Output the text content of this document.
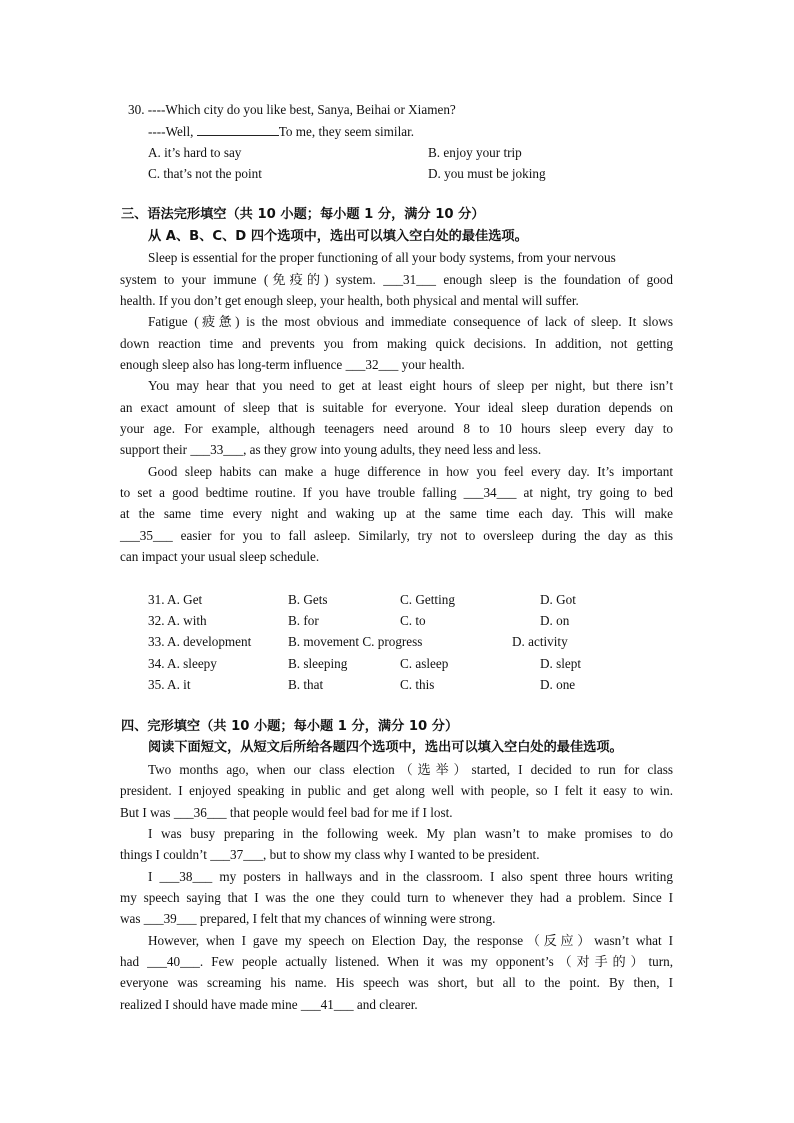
30. ----Which city do you like best, Sanya, Beihai or Xiamen?
----Well,	To me, they seem similar.
A. it’s hard to say	B. enjoy your trip
C. that’s not the point	D. you must be joking
三、语法完形填空（共 10 小题；每小题 1 分，满分 10 分）
从 A、B、C、D 四个选项中，选出可以填入空白处的最佳选项。
Sleep is essential for the proper functioning of all your body systems, from your nervous
system to your immune (免疫的) system. ___31___ enough sleep is the foundation of good
health. If you don’t get enough sleep, your health, both physical and mental will suffer.
Fatigue (疲惫) is the most obvious and immediate consequence of lack of sleep. It slows
down reaction time and prevents you from making quick decisions. In addition, not getting
enough sleep also has long-term influence ___32___ your health.
You may hear that you need to get at least eight hours of sleep per night, but there isn’t
an exact amount of sleep that is suitable for everyone. Your ideal sleep duration depends on
your age. For example, although teenagers need around 8 to 10 hours sleep every day to
support their ___33___, as they grow into young adults, they need less and less.
Good sleep habits can make a huge difference in how you feel every day. It’s important
to set a good bedtime routine. If you have trouble falling ___34___ at night, try going to bed
at the same time every night and waking up at the same time each day. This will make
___35___ easier for you to fall asleep. Similarly, try not to oversleep during the day as this
can impact your usual sleep schedule.
31. A. Get	B. Gets	C. Getting	D. Got
32. A. with	B. for	C. to	D. on
33. A. development	B. movement C. progress	D. activity
34. A. sleepy	B. sleeping	C. asleep	D. slept
35. A. it	B. that	C. this	D. one
四、完形填空（共 10 小题；每小题 1 分，满分 10 分）
阅读下面短文，从短文后所给各题四个选项中，选出可以填入空白处的最佳选项。
Two months ago, when our class election（选举）started, I decided to run for class
president. I enjoyed speaking in public and get along well with people, so I felt it easy to win.
But I was ___36___ that people would feel bad for me if I lost.
I was busy preparing in the following week. My plan wasn’t to make promises to do
things I couldn’t ___37___, but to show my class why I wanted to be president.
I ___38___ my posters in hallways and in the classroom. I also spent three hours writing
my speech saying that I was the one they could turn to whenever they had a problem. Since I
was ___39___ prepared, I felt that my chances of winning were strong.
However, when I gave my speech on Election Day, the response（反应）wasn’t what I
had ___40___. Few people actually listened. When it was my opponent’s（对手的）turn,
everyone was screaming his name. His speech was short, but all to the point. By then, I
realized I should have made mine ___41___ and clearer.
